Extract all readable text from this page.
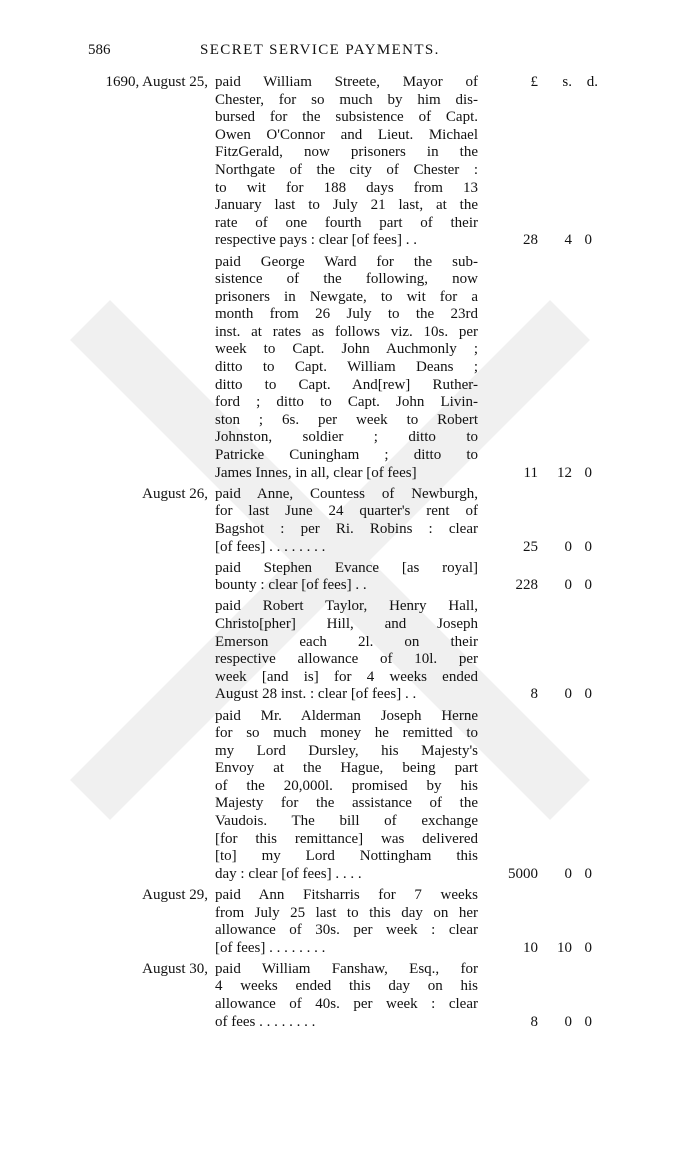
586	SECRET SERVICE PAYMENTS.
£ s. d.
1690, August 25, paid William Streete, Mayor of
Chester, for so much by him dis-
bursed for the subsistence of Capt.
Owen O'Connor and Lieut. Michael
FitzGerald, now prisoners in the
Northgate of the city of Chester :
to wit for 188 days from 13
January last to July 21 last, at the
rate of one fourth part of their
respective pays : clear [of fees] . .	28 4 0
paid George Ward for the sub-
sistence of the following, now
prisoners in Newgate, to wit for a
month from 26 July to the 23rd
inst. at rates as follows viz. 10s. per
week to Capt. John Auchmonly ;
ditto to Capt. William Deans ;
ditto to Capt. And[rew] Ruther-
ford ; ditto to Capt. John Livin-
ston ; 6s. per week to Robert
Johnston, soldier ; ditto to
Patricke Cuningham ; ditto to
James Innes, in all, clear [of fees]	11 12 0
August 26, paid Anne, Countess of Newburgh,
for last June 24 quarter's rent of
Bagshot : per Ri. Robins : clear
[of fees] . . . . . . . .	25 0 0
paid Stephen Evance [as royal]
bounty : clear [of fees] . .	228 0 0
paid Robert Taylor, Henry Hall,
Christo[pher] Hill, and Joseph
Emerson each 2l. on their
respective allowance of 10l. per
week [and is] for 4 weeks ended
August 28 inst. : clear [of fees] . .	8 0 0
paid Mr. Alderman Joseph Herne
for so much money he remitted to
my Lord Dursley, his Majesty's
Envoy at the Hague, being part
of the 20,000l. promised by his
Majesty for the assistance of the
Vaudois. The bill of exchange
[for this remittance] was delivered
[to] my Lord Nottingham this
day : clear [of fees] . . . .	5000 0 0
August 29, paid Ann Fitsharris for 7 weeks
from July 25 last to this day on her
allowance of 30s. per week : clear
[of fees] . . . . . . . .	10 10 0
August 30, paid William Fanshaw, Esq., for
4 weeks ended this day on his
allowance of 40s. per week : clear
of fees . . . . . . . .	8 0 0
